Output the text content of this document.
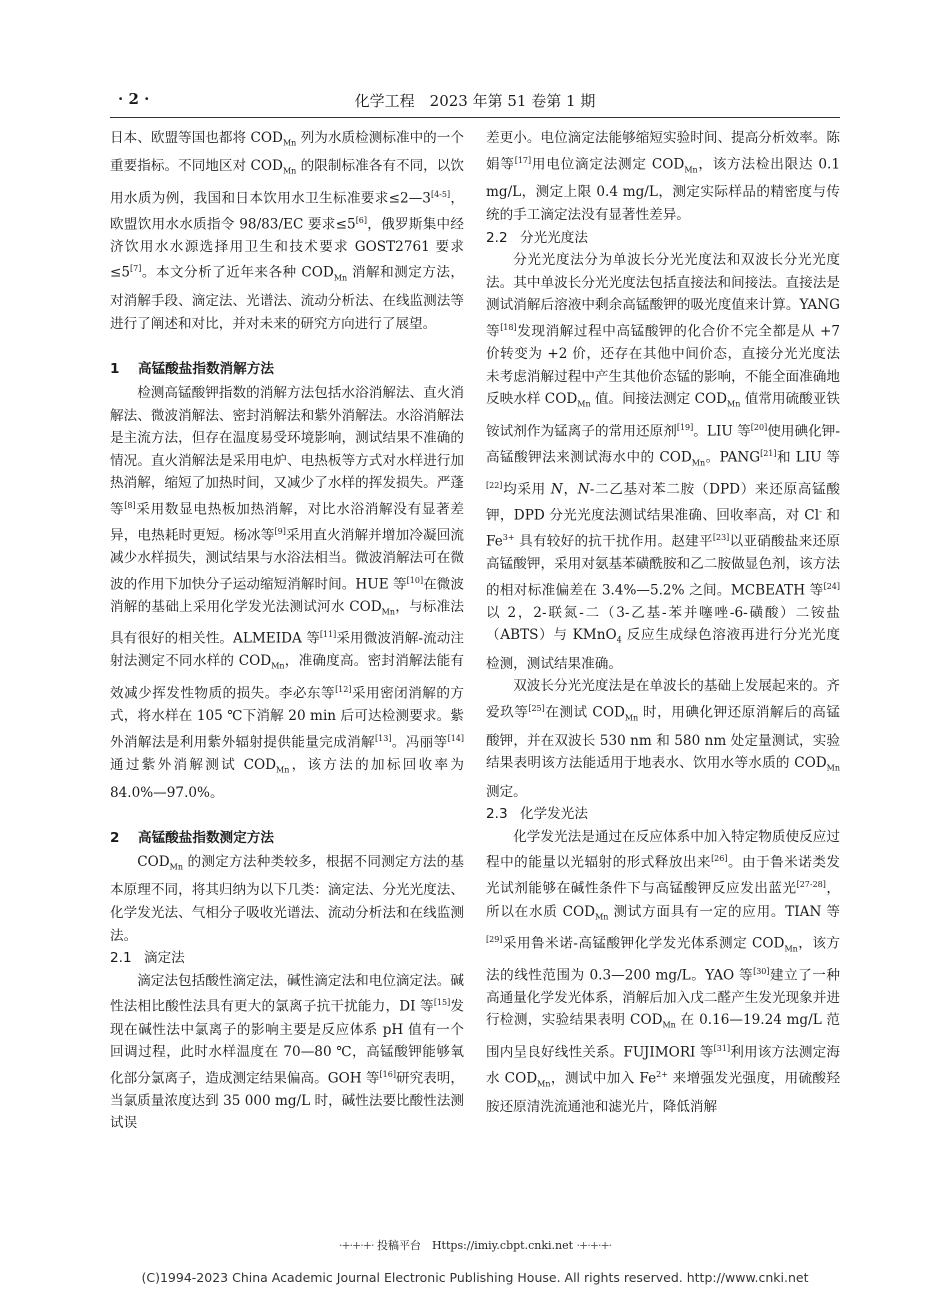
· 2 ·	化学工程　2023 年第 51 卷第 1 期

日本、欧盟等国也都将 $COD_{Mn}$ 列为水质检测标准中的一个重要指标。不同地区对 $COD_{Mn}$ 的限制标准各有不同，以饮用水质为例，我国和日本饮用水卫生标准要求≤2—3[4-5]，欧盟饮用水水质指令 98/83/EC 要求≤5[6]，俄罗斯集中经济饮用水水源选择用卫生和技术要求 GOST2761 要求≤5[7]。本文分析了近年来各种 $COD_{Mn}$ 消解和测定方法，对消解手段、滴定法、光谱法、流动分析法、在线监测法等进行了阐述和对比，并对未来的研究方向进行了展望。

1 高锰酸盐指数消解方法

检测高锰酸钾指数的消解方法包括水浴消解法、直火消解法、微波消解法、密封消解法和紫外消解法。水浴消解法是主流方法，但存在温度易受环境影响，测试结果不准确的情况。直火消解法是采用电炉、电热板等方式对水样进行加热消解，缩短了加热时间，又减少了水样的挥发损失。严蓬等[8]采用数显电热板加热消解，对比水浴消解没有显著差异，电热耗时更短。杨冰等[9]采用直火消解并增加冷凝回流减少水样损失，测试结果与水浴法相当。微波消解法可在微波的作用下加快分子运动缩短消解时间。HUE 等[10]在微波消解的基础上采用化学发光法测试河水 $COD_{Mn}$，与标准法具有很好的相关性。ALMEIDA 等[11]采用微波消解-流动注射法测定不同水样的 $COD_{Mn}$，准确度高。密封消解法能有效减少挥发性物质的损失。李必东等[12]采用密闭消解的方式，将水样在 105 ℃下消解 20 min 后可达检测要求。紫外消解法是利用紫外辐射提供能量完成消解[13]。冯丽等[14]通过紫外消解测试 $COD_{Mn}$，该方法的加标回收率为 84.0%—97.0%。

2 高锰酸盐指数测定方法

$COD_{Mn}$ 的测定方法种类较多，根据不同测定方法的基本原理不同，将其归纳为以下几类：滴定法、分光光度法、化学发光法、气相分子吸收光谱法、流动分析法和在线监测法。

2.1 滴定法

滴定法包括酸性滴定法，碱性滴定法和电位滴定法。碱性法相比酸性法具有更大的氯离子抗干扰能力，DI 等[15]发现在碱性法中氯离子的影响主要是反应体系 pH 值有一个回调过程，此时水样温度在 70—80 ℃，高锰酸钾能够氧化部分氯离子，造成测定结果偏高。GOH 等[16]研究表明，当氯质量浓度达到 35 000 mg/L 时，碱性法要比酸性法测试误

差更小。电位滴定法能够缩短实验时间、提高分析效率。陈娟等[17]用电位滴定法测定 $COD_{Mn}$，该方法检出限达 0.1 mg/L，测定上限 0.4 mg/L，测定实际样品的精密度与传统的手工滴定法没有显著性差异。

2.2 分光光度法

分光光度法分为单波长分光光度法和双波长分光光度法。其中单波长分光光度法包括直接法和间接法。直接法是测试消解后溶液中剩余高锰酸钾的吸光度值来计算。YANG 等[18]发现消解过程中高锰酸钾的化合价不完全都是从 +7 价转变为 +2 价，还存在其他中间价态，直接分光光度法未考虑消解过程中产生其他价态锰的影响，不能全面准确地反映水样 $COD_{Mn}$ 值。间接法测定 $COD_{Mn}$ 值常用硫酸亚铁铵试剂作为锰离子的常用还原剂[19]。LIU 等[20]使用碘化钾-高锰酸钾法来测试海水中的 $COD_{Mn}$。PANG[21]和 LIU 等[22]均采用 N，N-二乙基对苯二胺（DPD）来还原高锰酸钾，DPD 分光光度法测试结果准确、回收率高，对 Cl- 和 $Fe^{3+}$ 具有较好的抗干扰作用。赵建平[23]以亚硝酸盐来还原高锰酸钾，采用对氨基苯磺酰胺和乙二胺做显色剂，该方法的相对标准偏差在 3.4%—5.2% 之间。MCBEATH 等[24]以 2，2-联氮-二（3-乙基-苯并噻唑-6-磺酸）二铵盐（ABTS）与 KMnO$_4$ 反应生成绿色溶液再进行分光光度检测，测试结果准确。

双波长分光光度法是在单波长的基础上发展起来的。齐爱玖等[25]在测试 $COD_{Mn}$ 时，用碘化钾还原消解后的高锰酸钾，并在双波长 530 nm 和 580 nm 处定量测试，实验结果表明该方法能适用于地表水、饮用水等水质的 $COD_{Mn}$ 测定。

2.3 化学发光法

化学发光法是通过在反应体系中加入特定物质使反应过程中的能量以光辐射的形式释放出来[26]。由于鲁米诺类发光试剂能够在碱性条件下与高锰酸钾反应发出蓝光[27-28]，所以在水质 $COD_{Mn}$ 测试方面具有一定的应用。TIAN 等[29]采用鲁米诺-高锰酸钾化学发光体系测定 $COD_{Mn}$，该方法的线性范围为 0.3—200 mg/L。YAO 等[30]建立了一种高通量化学发光体系，消解后加入戊二醛产生发光现象并进行检测，实验结果表明 $COD_{Mn}$ 在 0.16—19.24 mg/L 范围内呈良好线性关系。FUJIMORI 等[31]利用该方法测定海水 $COD_{Mn}$，测试中加入 $Fe^{2+}$ 来增强发光强度，用硫酸羟胺还原清洗流通池和滤光片，降低消解

·+·+·+· 投稿平台　Https://imiy.cbpt.cnki.net ·+·+·+·
(C)1994-2023 China Academic Journal Electronic Publishing House. All rights reserved. http://www.cnki.net
